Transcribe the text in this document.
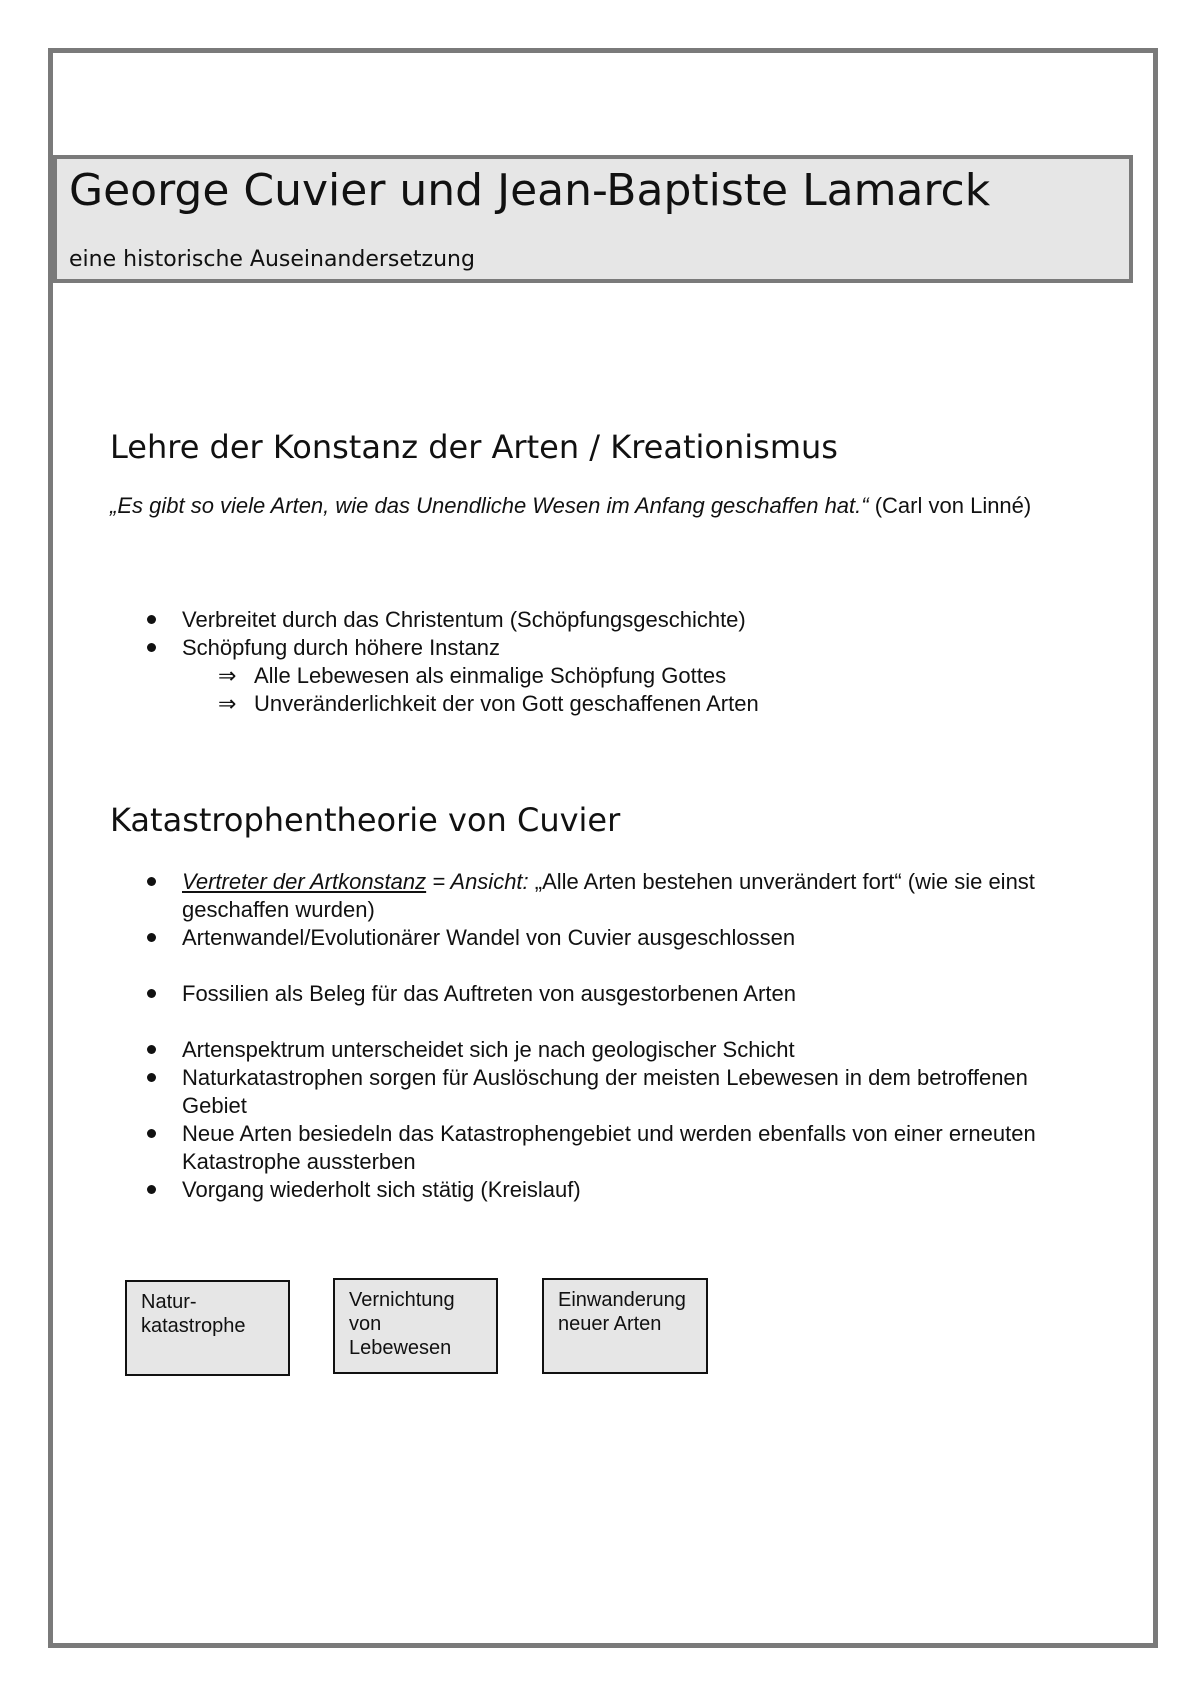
George Cuvier und Jean-Baptiste Lamarck

eine historische Auseinandersetzung

Lehre der Konstanz der Arten / Kreationismus

„Es gibt so viele Arten, wie das Unendliche Wesen im Anfang geschaffen hat.“ (Carl von Linné)

Verbreitet durch das Christentum (Schöpfungsgeschichte)
Schöpfung durch höhere Instanz
⇒ Alle Lebewesen als einmalige Schöpfung Gottes
⇒ Unveränderlichkeit der von Gott geschaffenen Arten
Katastrophentheorie von Cuvier
Vertreter der Artkonstanz = Ansicht: „Alle Arten bestehen unverändert fort“ (wie sie einst geschaffen wurden)
Artenwandel/Evolutionärer Wandel von Cuvier ausgeschlossen
Fossilien als Beleg für das Auftreten von ausgestorbenen Arten
Artenspektrum unterscheidet sich je nach geologischer Schicht
Naturkatastrophen sorgen für Auslöschung der meisten Lebewesen in dem betroffenen Gebiet
Neue Arten besiedeln das Katastrophengebiet und werden ebenfalls von einer erneuten Katastrophe aussterben
Vorgang wiederholt sich stätig (Kreislauf)
Natur-
katastrophe
Vernichtung
von
Lebewesen
Einwanderung
neuer Arten
